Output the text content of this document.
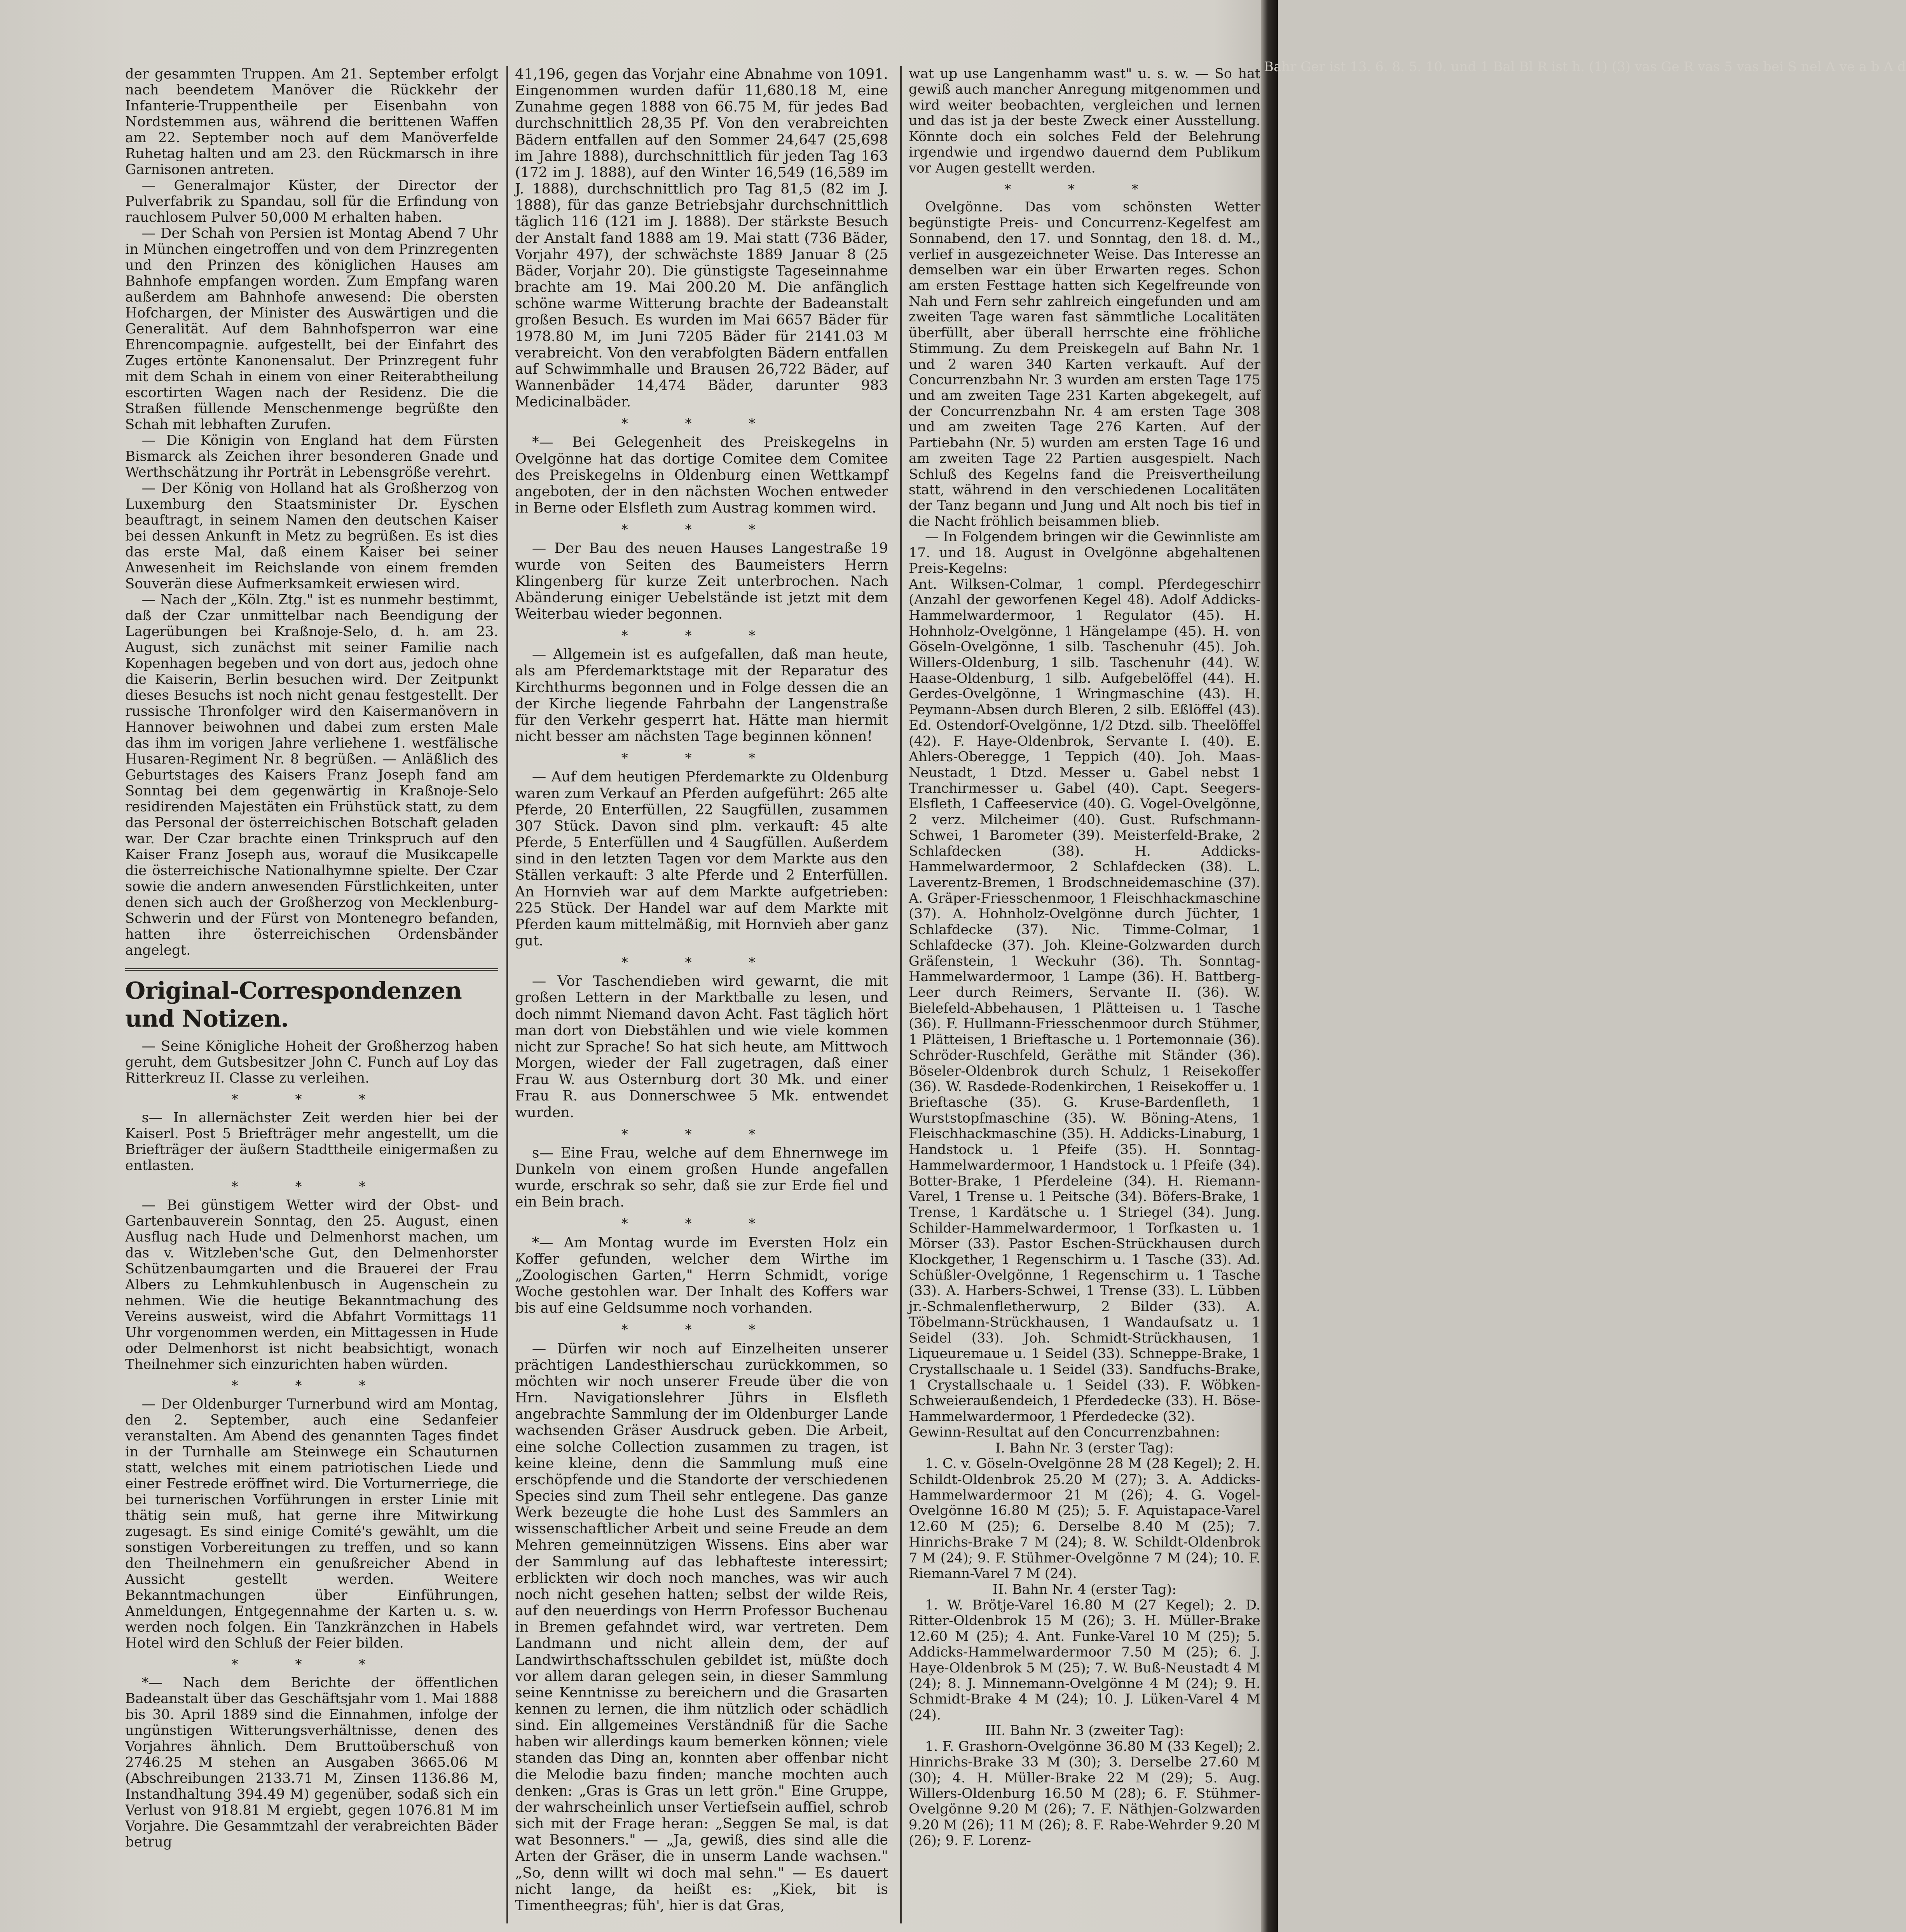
der gesammten Truppen. Am 21. September erfolgt nach beendetem Manöver die Rückkehr der Infanterie-Truppentheile per Eisenbahn von Nordstemmen aus, während die berittenen Waffen am 22. September noch auf dem Manöverfelde Ruhetag halten und am 23. den Rückmarsch in ihre Garnisonen antreten.

— Generalmajor Küster, der Director der Pulverfabrik zu Spandau, soll für die Erfindung von rauchlosem Pulver 50,000 M erhalten haben.

— Der Schah von Persien ist Montag Abend 7 Uhr in München eingetroffen und von dem Prinzregenten und den Prinzen des königlichen Hauses am Bahnhofe empfangen worden. Zum Empfang waren außerdem am Bahnhofe anwesend: Die obersten Hofchargen, der Minister des Auswärtigen und die Generalität. Auf dem Bahnhofsperron war eine Ehrencompagnie. aufgestellt, bei der Einfahrt des Zuges ertönte Kanonensalut. Der Prinzregent fuhr mit dem Schah in einem von einer Reiterabtheilung escortirten Wagen nach der Residenz. Die die Straßen füllende Menschenmenge begrüßte den Schah mit lebhaften Zurufen.

— Die Königin von England hat dem Fürsten Bismarck als Zeichen ihrer besonderen Gnade und Werthschätzung ihr Porträt in Lebensgröße verehrt.

— Der König von Holland hat als Großherzog von Luxemburg den Staatsminister Dr. Eyschen beauftragt, in seinem Namen den deutschen Kaiser bei dessen Ankunft in Metz zu begrüßen. Es ist dies das erste Mal, daß einem Kaiser bei seiner Anwesenheit im Reichslande von einem fremden Souverän diese Aufmerksamkeit erwiesen wird.

— Nach der „Köln. Ztg." ist es nunmehr bestimmt, daß der Czar unmittelbar nach Beendigung der Lagerübungen bei Kraßnoje-Selo, d. h. am 23. August, sich zunächst mit seiner Familie nach Kopenhagen begeben und von dort aus, jedoch ohne die Kaiserin, Berlin besuchen wird. Der Zeitpunkt dieses Besuchs ist noch nicht genau festgestellt. Der russische Thronfolger wird den Kaisermanövern in Hannover beiwohnen und dabei zum ersten Male das ihm im vorigen Jahre verliehene 1. westfälische Husaren-Regiment Nr. 8 begrüßen. — Anläßlich des Geburtstages des Kaisers Franz Joseph fand am Sonntag bei dem gegenwärtig in Kraßnoje-Selo residirenden Majestäten ein Frühstück statt, zu dem das Personal der österreichischen Botschaft geladen war. Der Czar brachte einen Trinkspruch auf den Kaiser Franz Joseph aus, worauf die Musikcapelle die österreichische Nationalhymne spielte. Der Czar sowie die andern anwesenden Fürstlichkeiten, unter denen sich auch der Großherzog von Mecklenburg-Schwerin und der Fürst von Montenegro befanden, hatten ihre österreichischen Ordensbänder angelegt.

Original-Correspondenzen und Notizen.

— Seine Königliche Hoheit der Großherzog haben geruht, dem Gutsbesitzer John C. Funch auf Loy das Ritterkreuz II. Classe zu verleihen.

* * *

s— In allernächster Zeit werden hier bei der Kaiserl. Post 5 Briefträger mehr angestellt, um die Briefträger der äußern Stadttheile einigermaßen zu entlasten.

* * *

— Bei günstigem Wetter wird der Obst- und Gartenbauverein Sonntag, den 25. August, einen Ausflug nach Hude und Delmenhorst machen, um das v. Witzleben'sche Gut, den Delmenhorster Schützenbaumgarten und die Brauerei der Frau Albers zu Lehmkuhlenbusch in Augenschein zu nehmen. Wie die heutige Bekanntmachung des Vereins ausweist, wird die Abfahrt Vormittags 11 Uhr vorgenommen werden, ein Mittagessen in Hude oder Delmenhorst ist nicht beabsichtigt, wonach Theilnehmer sich einzurichten haben würden.

* * *

— Der Oldenburger Turnerbund wird am Montag, den 2. September, auch eine Sedanfeier veranstalten. Am Abend des genannten Tages findet in der Turnhalle am Steinwege ein Schauturnen statt, welches mit einem patriotischen Liede und einer Festrede eröffnet wird. Die Vorturnerriege, die bei turnerischen Vorführungen in erster Linie mit thätig sein muß, hat gerne ihre Mitwirkung zugesagt. Es sind einige Comité's gewählt, um die sonstigen Vorbereitungen zu treffen, und so kann den Theilnehmern ein genußreicher Abend in Aussicht gestellt werden. Weitere Bekanntmachungen über Einführungen, Anmeldungen, Entgegennahme der Karten u. s. w. werden noch folgen. Ein Tanzkränzchen in Habels Hotel wird den Schluß der Feier bilden.

* * *

*— Nach dem Berichte der öffentlichen Badeanstalt über das Geschäftsjahr vom 1. Mai 1888 bis 30. April 1889 sind die Einnahmen, infolge der ungünstigen Witterungsverhältnisse, denen des Vorjahres ähnlich. Dem Bruttoüberschuß von 2746.25 M stehen an Ausgaben 3665.06 M (Abschreibungen 2133.71 M, Zinsen 1136.86 M, Instandhaltung 394.49 M) gegenüber, sodaß sich ein Verlust von 918.81 M ergiebt, gegen 1076.81 M im Vorjahre. Die Gesammtzahl der verabreichten Bäder betrug

41,196, gegen das Vorjahr eine Abnahme von 1091. Eingenommen wurden dafür 11,680.18 M, eine Zunahme gegen 1888 von 66.75 M, für jedes Bad durchschnittlich 28,35 Pf. Von den verabreichten Bädern entfallen auf den Sommer 24,647 (25,698 im Jahre 1888), durchschnittlich für jeden Tag 163 (172 im J. 1888), auf den Winter 16,549 (16,589 im J. 1888), durchschnittlich pro Tag 81,5 (82 im J. 1888), für das ganze Betriebsjahr durchschnittlich täglich 116 (121 im J. 1888). Der stärkste Besuch der Anstalt fand 1888 am 19. Mai statt (736 Bäder, Vorjahr 497), der schwächste 1889 Januar 8 (25 Bäder, Vorjahr 20). Die günstigste Tageseinnahme brachte am 19. Mai 200.20 M. Die anfänglich schöne warme Witterung brachte der Badeanstalt großen Besuch. Es wurden im Mai 6657 Bäder für 1978.80 M, im Juni 7205 Bäder für 2141.03 M verabreicht. Von den verabfolgten Bädern entfallen auf Schwimmhalle und Brausen 26,722 Bäder, auf Wannenbäder 14,474 Bäder, darunter 983 Medicinalbäder.

* * *

*— Bei Gelegenheit des Preiskegelns in Ovelgönne hat das dortige Comitee dem Comitee des Preiskegelns in Oldenburg einen Wettkampf angeboten, der in den nächsten Wochen entweder in Berne oder Elsfleth zum Austrag kommen wird.

* * *

— Der Bau des neuen Hauses Langestraße 19 wurde von Seiten des Baumeisters Herrn Klingenberg für kurze Zeit unterbrochen. Nach Abänderung einiger Uebelstände ist jetzt mit dem Weiterbau wieder begonnen.

* * *

— Allgemein ist es aufgefallen, daß man heute, als am Pferdemarktstage mit der Reparatur des Kirchthurms begonnen und in Folge dessen die an der Kirche liegende Fahrbahn der Langenstraße für den Verkehr gesperrt hat. Hätte man hiermit nicht besser am nächsten Tage beginnen können!

* * *

— Auf dem heutigen Pferdemarkte zu Oldenburg waren zum Verkauf an Pferden aufgeführt: 265 alte Pferde, 20 Enterfüllen, 22 Saugfüllen, zusammen 307 Stück. Davon sind plm. verkauft: 45 alte Pferde, 5 Enterfüllen und 4 Saugfüllen. Außerdem sind in den letzten Tagen vor dem Markte aus den Ställen verkauft: 3 alte Pferde und 2 Enterfüllen. An Hornvieh war auf dem Markte aufgetrieben: 225 Stück. Der Handel war auf dem Markte mit Pferden kaum mittelmäßig, mit Hornvieh aber ganz gut.

* * *

— Vor Taschendieben wird gewarnt, die mit großen Lettern in der Marktballe zu lesen, und doch nimmt Niemand davon Acht. Fast täglich hört man dort von Diebstählen und wie viele kommen nicht zur Sprache! So hat sich heute, am Mittwoch Morgen, wieder der Fall zugetragen, daß einer Frau W. aus Osternburg dort 30 Mk. und einer Frau R. aus Donnerschwee 5 Mk. entwendet wurden.

* * *

s— Eine Frau, welche auf dem Ehnernwege im Dunkeln von einem großen Hunde angefallen wurde, erschrak so sehr, daß sie zur Erde fiel und ein Bein brach.

* * *

*— Am Montag wurde im Eversten Holz ein Koffer gefunden, welcher dem Wirthe im „Zoologischen Garten," Herrn Schmidt, vorige Woche gestohlen war. Der Inhalt des Koffers war bis auf eine Geldsumme noch vorhanden.

* * *

— Dürfen wir noch auf Einzelheiten unserer prächtigen Landesthierschau zurückkommen, so möchten wir noch unserer Freude über die von Hrn. Navigationslehrer Jührs in Elsfleth angebrachte Sammlung der im Oldenburger Lande wachsenden Gräser Ausdruck geben. Die Arbeit, eine solche Collection zusammen zu tragen, ist keine kleine, denn die Sammlung muß eine erschöpfende und die Standorte der verschiedenen Species sind zum Theil sehr entlegene. Das ganze Werk bezeugte die hohe Lust des Sammlers an wissenschaftlicher Arbeit und seine Freude an dem Mehren gemeinnützigen Wissens. Eins aber war der Sammlung auf das lebhafteste interessirt; erblickten wir doch noch manches, was wir auch noch nicht gesehen hatten; selbst der wilde Reis, auf den neuerdings von Herrn Professor Buchenau in Bremen gefahndet wird, war vertreten. Dem Landmann und nicht allein dem, der auf Landwirthschaftsschulen gebildet ist, müßte doch vor allem daran gelegen sein, in dieser Sammlung seine Kenntnisse zu bereichern und die Grasarten kennen zu lernen, die ihm nützlich oder schädlich sind. Ein allgemeines Verständniß für die Sache haben wir allerdings kaum bemerken können; viele standen das Ding an, konnten aber offenbar nicht die Melodie bazu finden; manche mochten auch denken: „Gras is Gras un lett grön." Eine Gruppe, der wahrscheinlich unser Vertiefsein auffiel, schrob sich mit der Frage heran: „Seggen Se mal, is dat wat Besonners." — „Ja, gewiß, dies sind alle die Arten der Gräser, die in unserm Lande wachsen." „So, denn willt wi doch mal sehn." — Es dauert nicht lange, da heißt es: „Kiek, bit is Timentheegras; füh', hier is dat Gras,

wat up use Langenhamm wast" u. s. w. — So hat gewiß auch mancher Anregung mitgenommen und wird weiter beobachten, vergleichen und lernen und das ist ja der beste Zweck einer Ausstellung. Könnte doch ein solches Feld der Belehrung irgendwie und irgendwo dauernd dem Publikum vor Augen gestellt werden.

* * *

Ovelgönne. Das vom schönsten Wetter begünstigte Preis- und Concurrenz-Kegelfest am Sonnabend, den 17. und Sonntag, den 18. d. M., verlief in ausgezeichneter Weise. Das Interesse an demselben war ein über Erwarten reges. Schon am ersten Festtage hatten sich Kegelfreunde von Nah und Fern sehr zahlreich eingefunden und am zweiten Tage waren fast sämmtliche Localitäten überfüllt, aber überall herrschte eine fröhliche Stimmung. Zu dem Preiskegeln auf Bahn Nr. 1 und 2 waren 340 Karten verkauft. Auf der Concurrenzbahn Nr. 3 wurden am ersten Tage 175 und am zweiten Tage 231 Karten abgekegelt, auf der Concurrenzbahn Nr. 4 am ersten Tage 308 und am zweiten Tage 276 Karten. Auf der Partiebahn (Nr. 5) wurden am ersten Tage 16 und am zweiten Tage 22 Partien ausgespielt. Nach Schluß des Kegelns fand die Preisvertheilung statt, während in den verschiedenen Localitäten der Tanz begann und Jung und Alt noch bis tief in die Nacht fröhlich beisammen blieb.

— In Folgendem bringen wir die Gewinnliste am 17. und 18. August in Ovelgönne abgehaltenen Preis-Kegelns:

Ant. Wilksen-Colmar, 1 compl. Pferdegeschirr (Anzahl der geworfenen Kegel 48). Adolf Addicks-Hammelwardermoor, 1 Regulator (45). H. Hohnholz-Ovelgönne, 1 Hängelampe (45). H. von Göseln-Ovelgönne, 1 silb. Taschenuhr (45). Joh. Willers-Oldenburg, 1 silb. Taschenuhr (44). W. Haase-Oldenburg, 1 silb. Aufgebelöffel (44). H. Gerdes-Ovelgönne, 1 Wringmaschine (43). H. Peymann-Absen durch Bleren, 2 silb. Eßlöffel (43). Ed. Ostendorf-Ovelgönne, 1/2 Dtzd. silb. Theelöffel (42). F. Haye-Oldenbrok, Servante I. (40). E. Ahlers-Oberegge, 1 Teppich (40). Joh. Maas-Neustadt, 1 Dtzd. Messer u. Gabel nebst 1 Tranchirmesser u. Gabel (40). Capt. Seegers-Elsfleth, 1 Caffeeservice (40). G. Vogel-Ovelgönne, 2 verz. Milcheimer (40). Gust. Rufschmann-Schwei, 1 Barometer (39). Meisterfeld-Brake, 2 Schlafdecken (38). H. Addicks-Hammelwardermoor, 2 Schlafdecken (38). L. Laverentz-Bremen, 1 Brodschneidemaschine (37). A. Gräper-Friesschenmoor, 1 Fleischhackmaschine (37). A. Hohnholz-Ovelgönne durch Jüchter, 1 Schlafdecke (37). Nic. Timme-Colmar, 1 Schlafdecke (37). Joh. Kleine-Golzwarden durch Gräfenstein, 1 Weckuhr (36). Th. Sonntag-Hammelwardermoor, 1 Lampe (36). H. Battberg-Leer durch Reimers, Servante II. (36). W. Bielefeld-Abbehausen, 1 Plätteisen u. 1 Tasche (36). F. Hullmann-Friesschenmoor durch Stühmer, 1 Plätteisen, 1 Brieftasche u. 1 Portemonnaie (36). Schröder-Ruschfeld, Geräthe mit Ständer (36). Böseler-Oldenbrok durch Schulz, 1 Reisekoffer (36). W. Rasdede-Rodenkirchen, 1 Reisekoffer u. 1 Brieftasche (35). G. Kruse-Bardenfleth, 1 Wurststopfmaschine (35). W. Böning-Atens, 1 Fleischhackmaschine (35). H. Addicks-Linaburg, 1 Handstock u. 1 Pfeife (35). H. Sonntag-Hammelwardermoor, 1 Handstock u. 1 Pfeife (34). Botter-Brake, 1 Pferdeleine (34). H. Riemann-Varel, 1 Trense u. 1 Peitsche (34). Böfers-Brake, 1 Trense, 1 Kardätsche u. 1 Striegel (34). Jung. Schilder-Hammelwardermoor, 1 Torfkasten u. 1 Mörser (33). Pastor Eschen-Strückhausen durch Klockgether, 1 Regenschirm u. 1 Tasche (33). Ad. Schüßler-Ovelgönne, 1 Regenschirm u. 1 Tasche (33). A. Harbers-Schwei, 1 Trense (33). L. Lübben jr.-Schmalenfletherwurp, 2 Bilder (33). A. Töbelmann-Strückhausen, 1 Wandaufsatz u. 1 Seidel (33). Joh. Schmidt-Strückhausen, 1 Liqueuremaue u. 1 Seidel (33). Schneppe-Brake, 1 Crystallschaale u. 1 Seidel (33). Sandfuchs-Brake, 1 Crystallschaale u. 1 Seidel (33). F. Wöbken-Schweieraußendeich, 1 Pferdedecke (33). H. Böse-Hammelwardermoor, 1 Pferdedecke (32).

Gewinn-Resultat auf den Concurrenzbahnen:

I. Bahn Nr. 3 (erster Tag):

1. C. v. Göseln-Ovelgönne 28 M (28 Kegel); 2. H. Schildt-Oldenbrok 25.20 M (27); 3. A. Addicks-Hammelwardermoor 21 M (26); 4. G. Vogel-Ovelgönne 16.80 M (25); 5. F. Aquistapace-Varel 12.60 M (25); 6. Derselbe 8.40 M (25); 7. Hinrichs-Brake 7 M (24); 8. W. Schildt-Oldenbrok 7 M (24); 9. F. Stühmer-Ovelgönne 7 M (24); 10. F. Riemann-Varel 7 M (24).

II. Bahn Nr. 4 (erster Tag):

1. W. Brötje-Varel 16.80 M (27 Kegel); 2. D. Ritter-Oldenbrok 15 M (26); 3. H. Müller-Brake 12.60 M (25); 4. Ant. Funke-Varel 10 M (25); 5. Addicks-Hammelwardermoor 7.50 M (25); 6. J. Haye-Oldenbrok 5 M (25); 7. W. Buß-Neustadt 4 M (24); 8. J. Minnemann-Ovelgönne 4 M (24); 9. H. Schmidt-Brake 4 M (24); 10. J. Lüken-Varel 4 M (24).

III. Bahn Nr. 3 (zweiter Tag):

1. F. Grashorn-Ovelgönne 36.80 M (33 Kegel); 2. Hinrichs-Brake 33 M (30); 3. Derselbe 27.60 M (30); 4. H. Müller-Brake 22 M (29); 5. Aug. Willers-Oldenburg 16.50 M (28); 6. F. Stühmer-Ovelgönne 9.20 M (26); 7. F. Näthjen-Golzwarden 9.20 M (26); 11 M (26); 8. F. Rabe-Wehrder 9.20 M (26); 9. F. Lorenz-

Bahr Ger ist 13. 6. 8. 5. 10. und 1 Bal Bl R ist h. (1) (3) vas Ge R vas 5 vas bei S nel A ve a b A d
